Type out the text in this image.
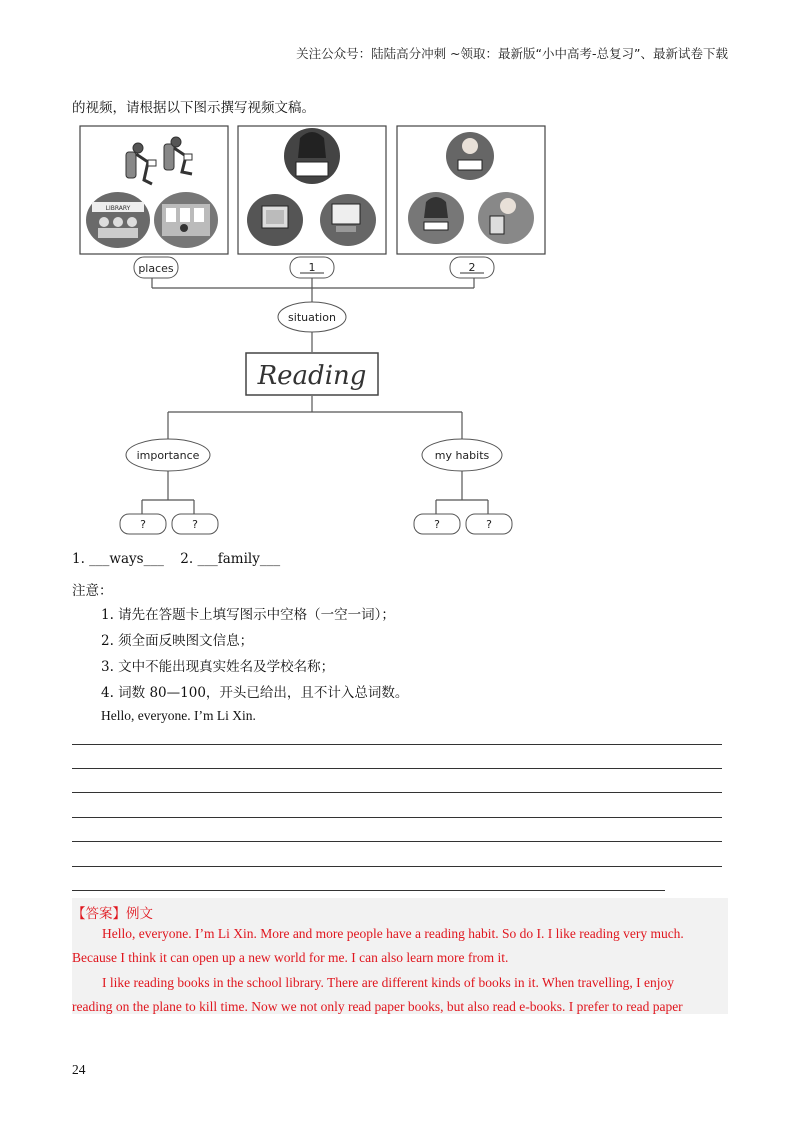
关注公众号：陆陆高分冲刺 ~领取：最新版“小中高考-总复习”、最新试卷下载
的视频，请根据以下图示撰写视频文稿。
LIBRARY
places	1	2
situation
Reading
importance	my habits
?	?	?	?
1. ___ways___ 2. ___family___
注意：
1. 请先在答题卡上填写图示中空格（一空一词）；
2. 须全面反映图文信息；
3. 文中不能出现真实姓名及学校名称；
4. 词数 80—100，开头已给出，且不计入总词数。
Hello, everyone. I’m Li Xin.
【答案】例文
Hello, everyone. I’m Li Xin. More and more people have a reading habit. So do I. I like reading very much.
Because I think it can open up a new world for me. I can also learn more from it.
I like reading books in the school library. There are different kinds of books in it. When travelling, I enjoy
reading on the plane to kill time. Now we not only read paper books, but also read e-books. I prefer to read paper
24
